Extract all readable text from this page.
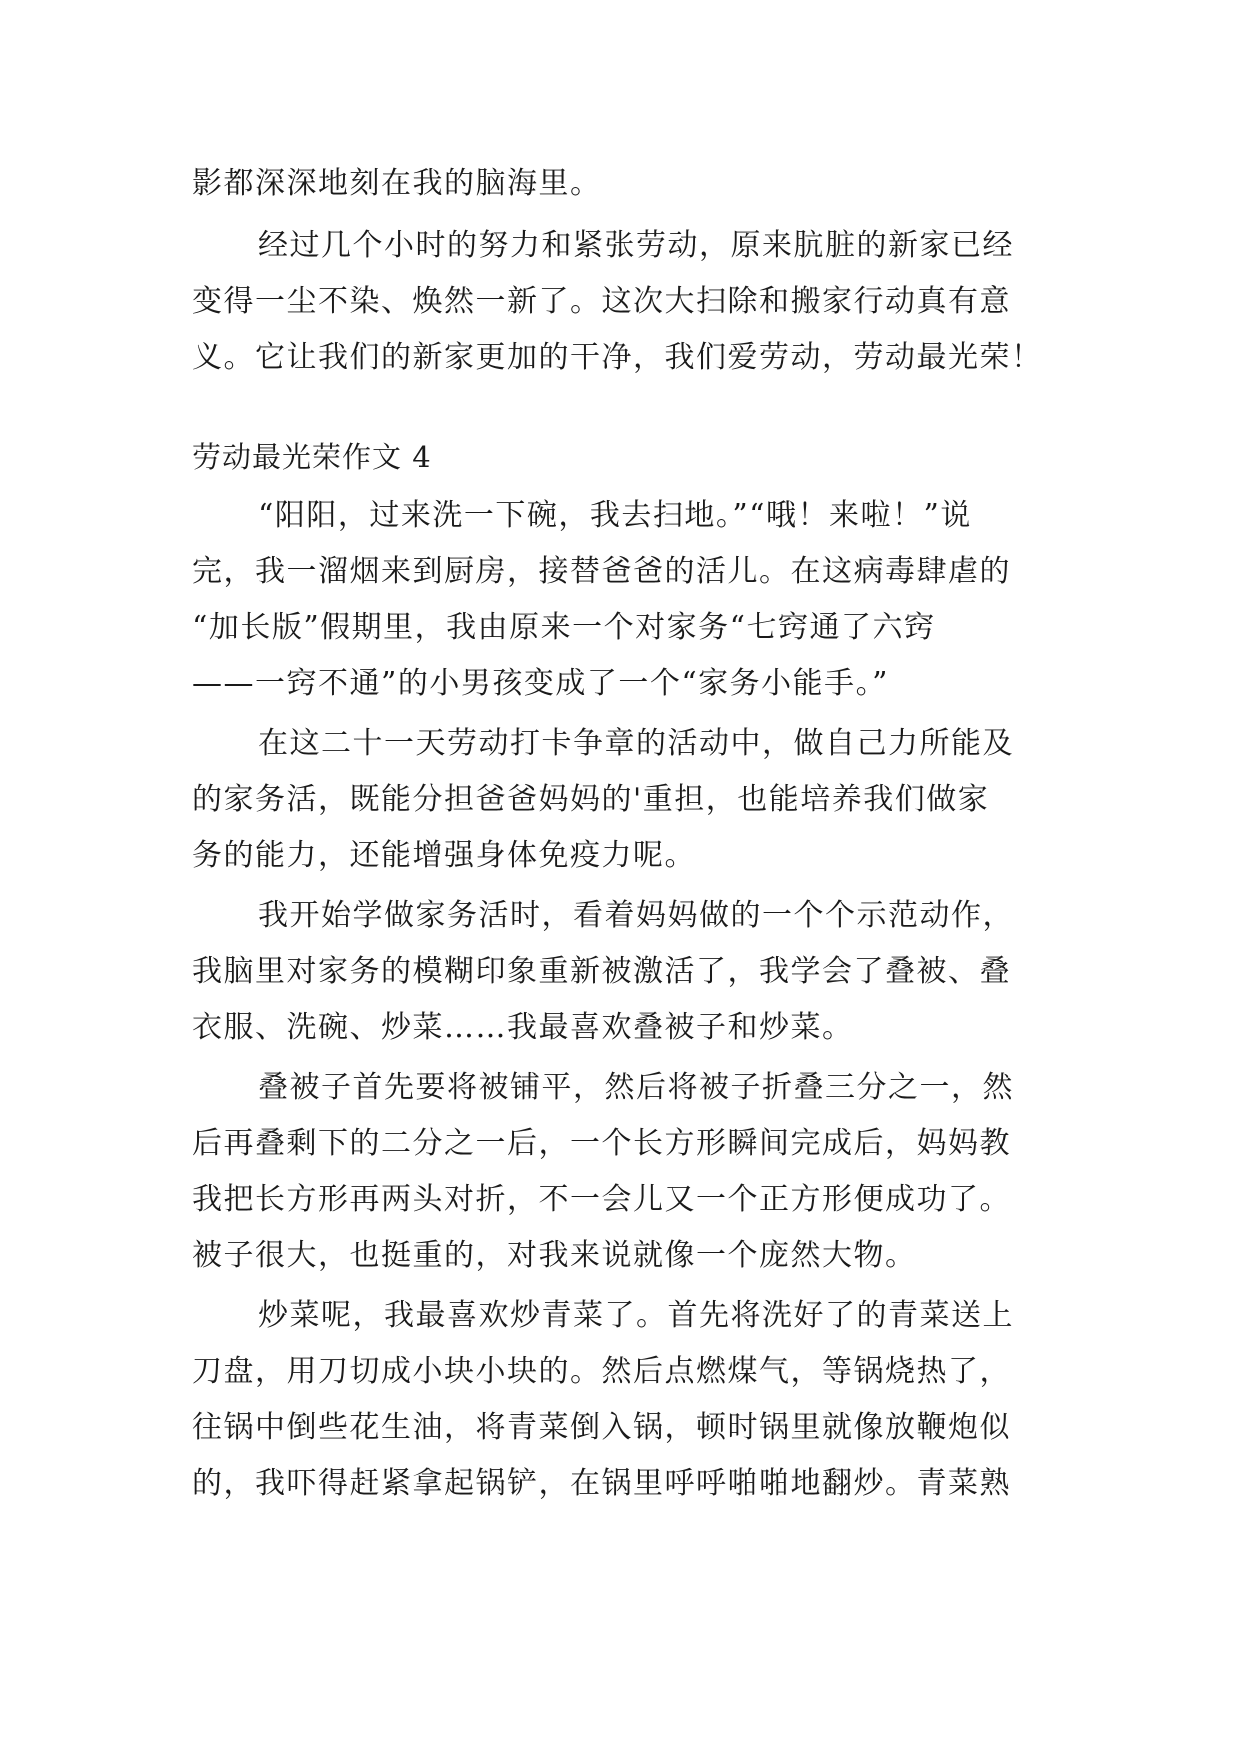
影都深深地刻在我的脑海里。

经过几个小时的努力和紧张劳动，原来肮脏的新家已经

变得一尘不染、焕然一新了。这次大扫除和搬家行动真有意

义。它让我们的新家更加的干净，我们爱劳动，劳动最光荣！

劳动最光荣作文 4

“阳阳，过来洗一下碗，我去扫地。”“哦！来啦！”说

完，我一溜烟来到厨房，接替爸爸的活儿。在这病毒肆虐的

“加长版”假期里，我由原来一个对家务“七窍通了六窍

——一窍不通”的小男孩变成了一个“家务小能手。”

在这二十一天劳动打卡争章的活动中，做自己力所能及

的家务活，既能分担爸爸妈妈的'重担，也能培养我们做家

务的能力，还能增强身体免疫力呢。

我开始学做家务活时，看着妈妈做的一个个示范动作，

我脑里对家务的模糊印象重新被激活了，我学会了叠被、叠

衣服、洗碗、炒菜……我最喜欢叠被子和炒菜。

叠被子首先要将被铺平，然后将被子折叠三分之一，然

后再叠剩下的二分之一后，一个长方形瞬间完成后，妈妈教

我把长方形再两头对折，不一会儿又一个正方形便成功了。

被子很大，也挺重的，对我来说就像一个庞然大物。

炒菜呢，我最喜欢炒青菜了。首先将洗好了的青菜送上

刀盘，用刀切成小块小块的。然后点燃煤气，等锅烧热了，

往锅中倒些花生油，将青菜倒入锅，顿时锅里就像放鞭炮似

的，我吓得赶紧拿起锅铲，在锅里呼呼啪啪地翻炒。青菜熟
